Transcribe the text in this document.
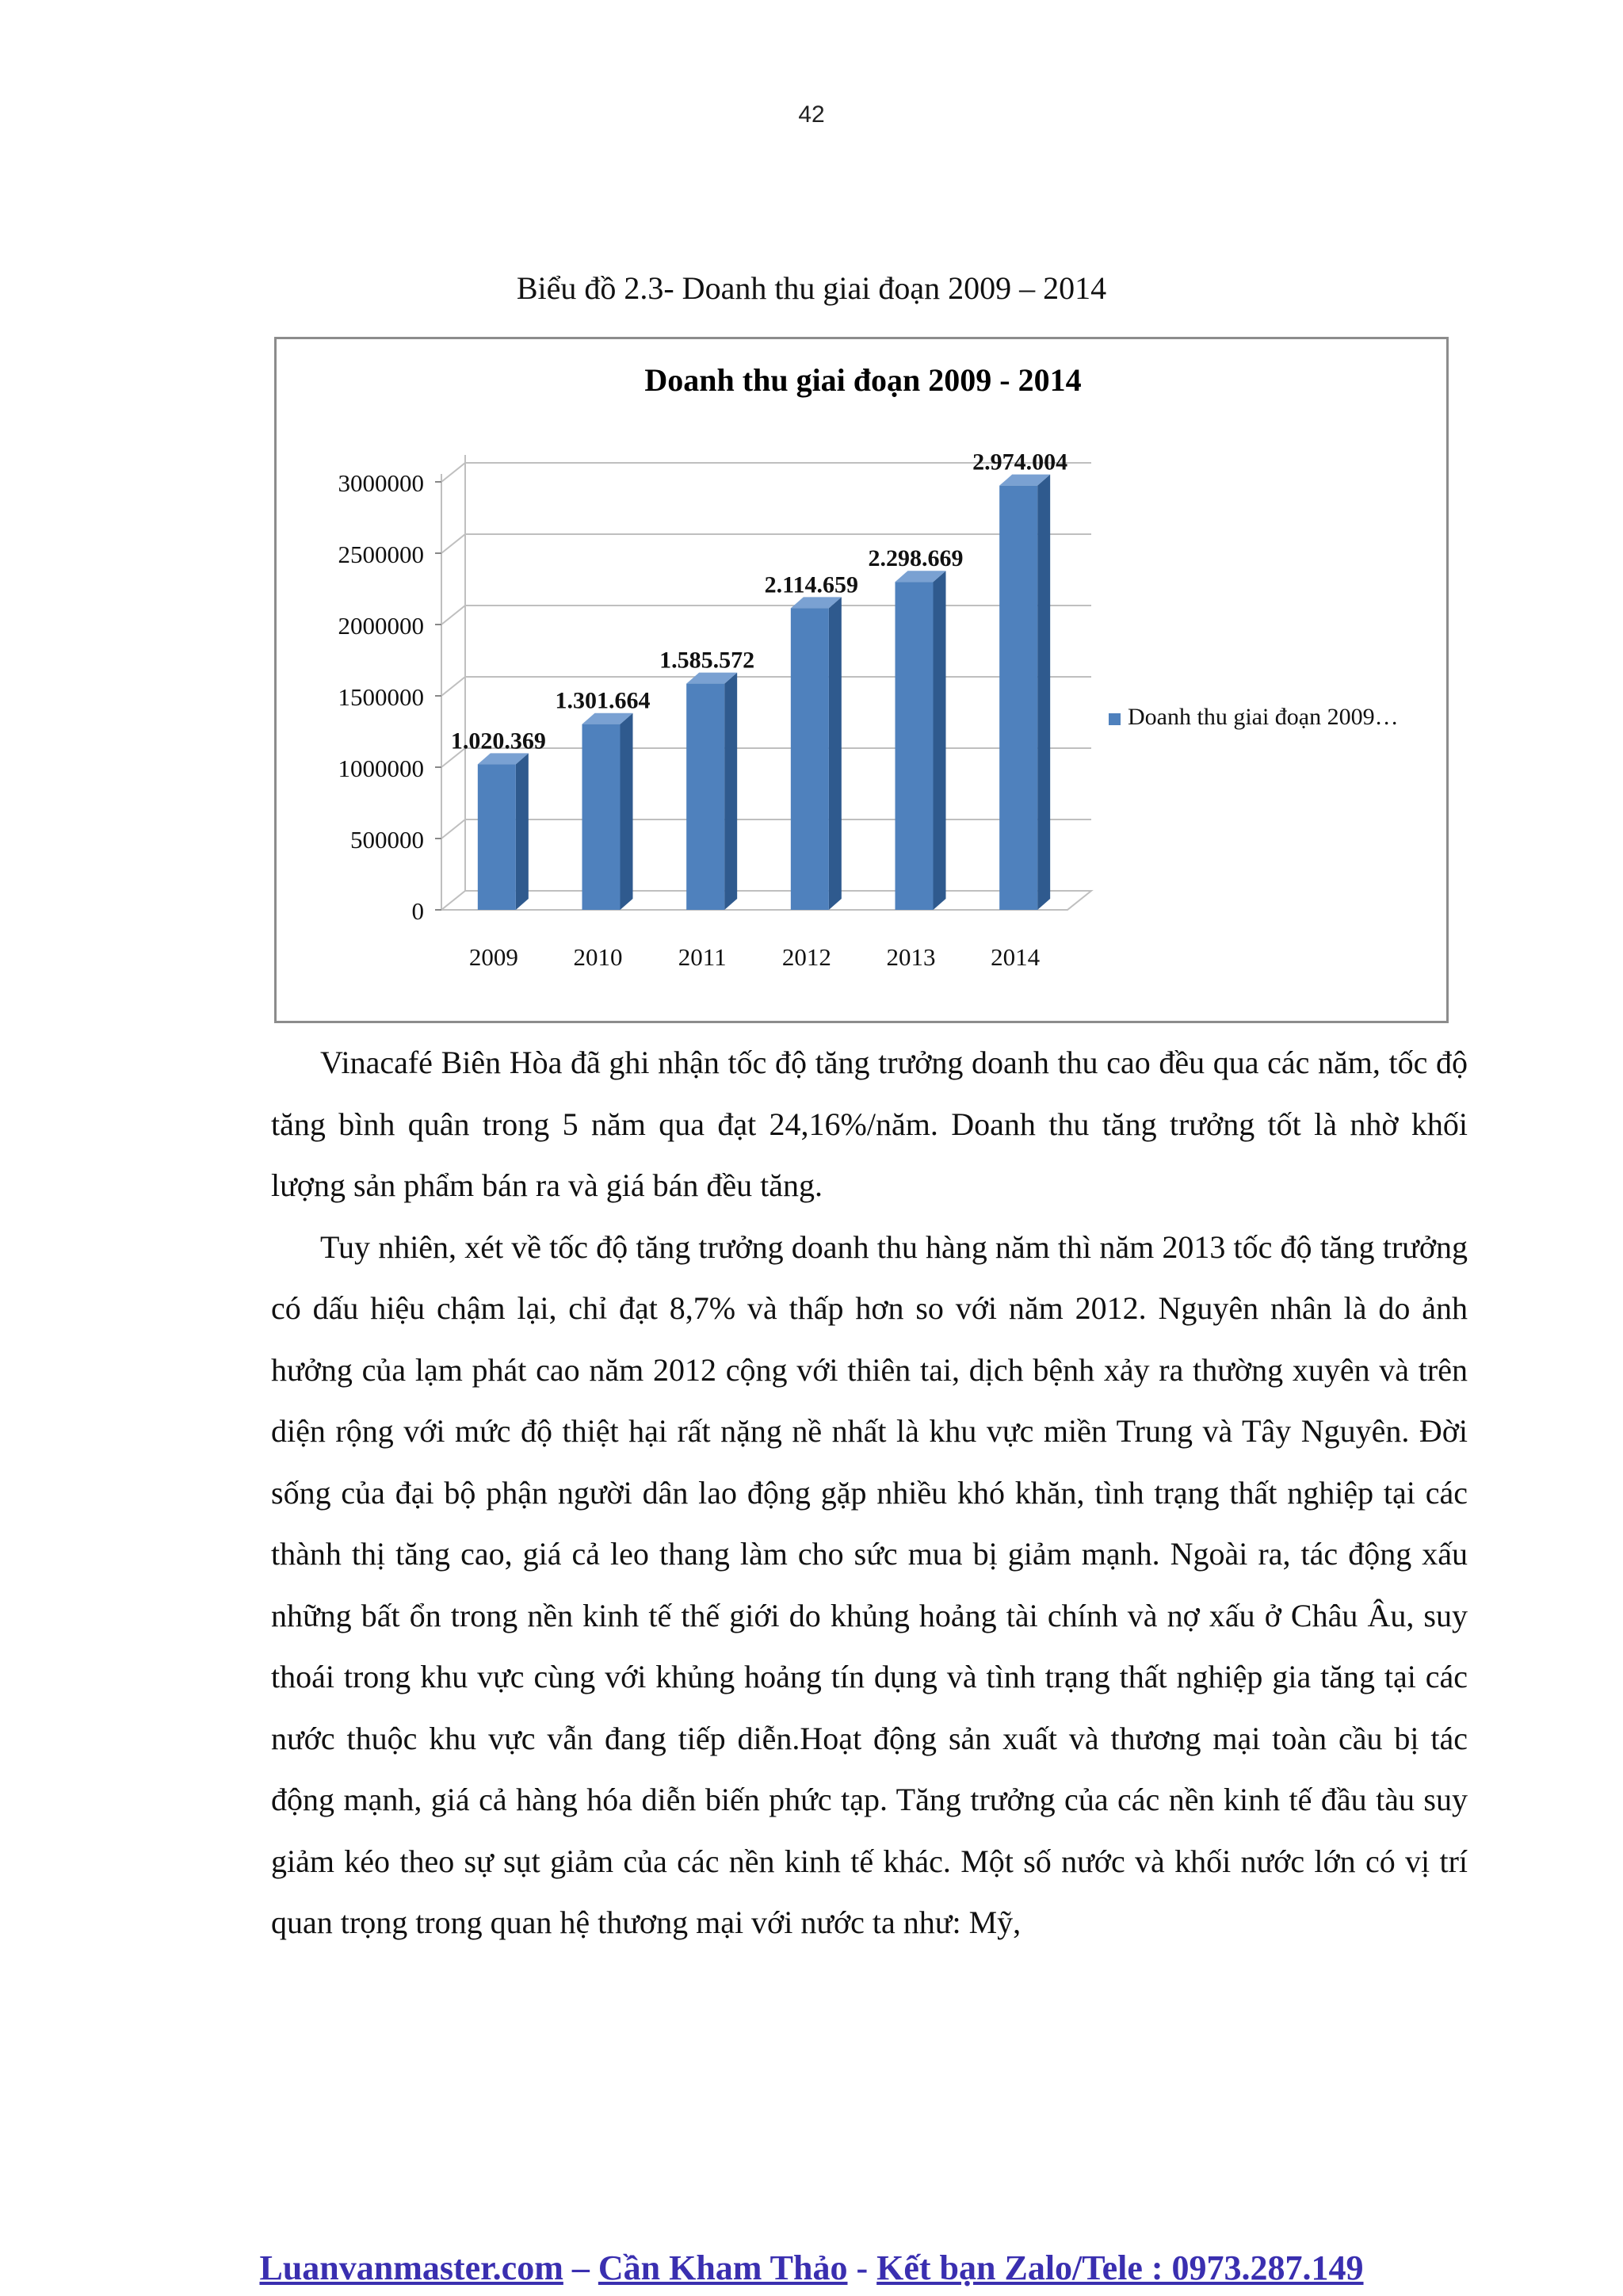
42
Biểu đồ 2.3- Doanh thu giai đoạn 2009 – 2014
Doanh thu giai đoạn 2009 - 2014
0
500000
1000000
1500000
2000000
2500000
3000000
1.020.369
1.301.664
1.585.572
2.114.659
2.298.669
2.974.004
2009 2010 2011 2012 2013 2014
Doanh thu giai đoạn 2009…

Vinacafé Biên Hòa đã ghi nhận tốc độ tăng trưởng doanh thu cao đều qua các năm, tốc độ tăng bình quân trong 5 năm qua đạt 24,16%/năm. Doanh thu tăng trưởng tốt là nhờ khối lượng sản phẩm bán ra và giá bán đều tăng.

Tuy nhiên, xét về tốc độ tăng trưởng doanh thu hàng năm thì năm 2013 tốc độ tăng trưởng có dấu hiệu chậm lại, chỉ đạt 8,7% và thấp hơn so với năm 2012. Nguyên nhân là do ảnh hưởng của lạm phát cao năm 2012 cộng với thiên tai, dịch bệnh xảy ra thường xuyên và trên diện rộng với mức độ thiệt hại rất nặng nề nhất là khu vực miền Trung và Tây Nguyên. Đời sống của đại bộ phận người dân lao động gặp nhiều khó khăn, tình trạng thất nghiệp tại các thành thị tăng cao, giá cả leo thang làm cho sức mua bị giảm mạnh. Ngoài ra, tác động xấu những bất ổn trong nền kinh tế thế giới do khủng hoảng tài chính và nợ xấu ở Châu Âu, suy thoái trong khu vực cùng với khủng hoảng tín dụng và tình trạng thất nghiệp gia tăng tại các nước thuộc khu vực vẫn đang tiếp diễn.Hoạt động sản xuất và thương mại toàn cầu bị tác động mạnh, giá cả hàng hóa diễn biến phức tạp. Tăng trưởng của các nền kinh tế đầu tàu suy giảm kéo theo sự sụt giảm của các nền kinh tế khác. Một số nước và khối nước lớn có vị trí quan trọng trong quan hệ thương mại với nước ta như: Mỹ,

Luanvanmaster.com – Cần Kham Thảo - Kết bạn Zalo/Tele : 0973.287.149
